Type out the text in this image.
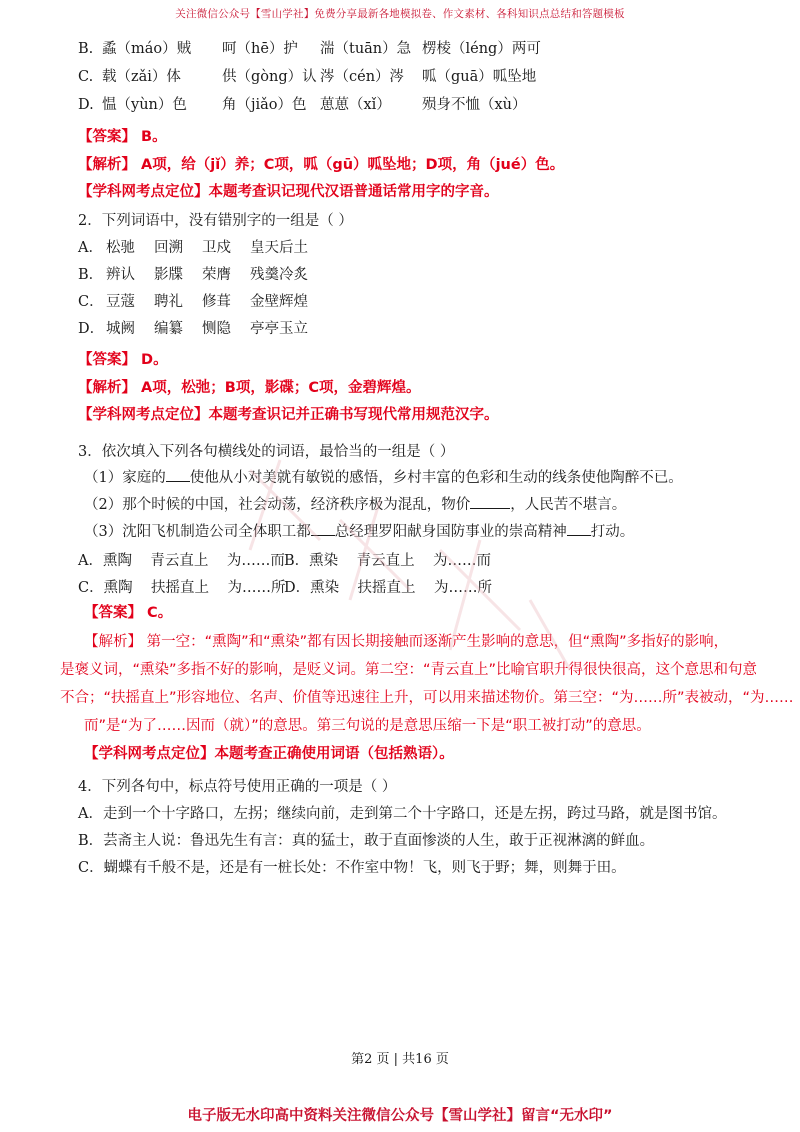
关注微信公众号【雪山学社】免费分享最新各地模拟卷、作文素材、各科知识点总结和答题模板
B. 蟊（máo）贼 呵（hē）护 湍（tuān）急 楞棱（léng）两可
C. 载（zǎi）体	供（gòng）认 涔（cén）涔 呱（guā）呱坠地
D. 愠（yùn）色 角（jiǎo）色 葸葸（xǐ） 殒身不恤（xù）
【答案】 B。
【解析】 A项，给（jǐ）养；C项，呱（gū）呱坠地；D项，角（jué）色。
【学科网考点定位】本题考查识记现代汉语普通话常用字的字音。
2．下列词语中，没有错别字的一组是（ ）
A． 松驰 回溯 卫戍 皇天后土
B． 辨认 影牒 荣膺 残羹冷炙
C． 豆蔻 聘礼 修葺 金壁辉煌
D． 城阙 编纂 恻隐 亭亭玉立
【答案】 D。
【解析】 A项，松弛；B项，影碟；C项，金碧辉煌。
【学科网考点定位】本题考查识记并正确书写现代常用规范汉字。
3．依次填入下列各句横线处的词语，最恰当的一组是（ ）
（1）家庭的 使他从小对美就有敏锐的感悟，乡村丰富的色彩和生动的线条使他陶醉不已。
（2）那个时候的中国，社会动荡，经济秩序极为混乱，物价	，人民苦不堪言。
（3）沈阳飞机制造公司全体职工都 总经理罗阳献身国防事业的崇高精神 打动。
A．熏陶    青云直上    为……而B．熏染    青云直上    为……而
C．熏陶    扶摇直上    为……所D．熏染    扶摇直上    为……所
【答案】 C。
【解析】 第一空：“熏陶”和“熏染”都有因长期接触而逐渐产生影响的意思，但“熏陶”多指好的影响，
是褒义词，“熏染”多指不好的影响，是贬义词。第二空：“青云直上”比喻官职升得很快很高，这个意思和句意
不合；“扶摇直上”形容地位、名声、价值等迅速往上升，可以用来描述物价。第三空：“为……所”表被动，“为……
而”是“为了……因而（就）”的意思。第三句说的是意思压缩一下是“职工被打动”的意思。
【学科网考点定位】本题考查正确使用词语（包括熟语）。
4．下列各句中，标点符号使用正确的一项是（ ）
A．走到一个十字路口，左拐；继续向前，走到第二个十字路口，还是左拐，跨过马路，就是图书馆。
B．芸斋主人说：鲁迅先生有言：真的猛士，敢于直面惨淡的人生，敢于正视淋漓的鲜血。
C．蝴蝶有千般不是，还是有一桩长处：不作室中物！飞，则飞于野；舞，则舞于田。
第2 页 | 共16 页
电子版无水印高中资料关注微信公众号【雪山学社】留言“无水印”
